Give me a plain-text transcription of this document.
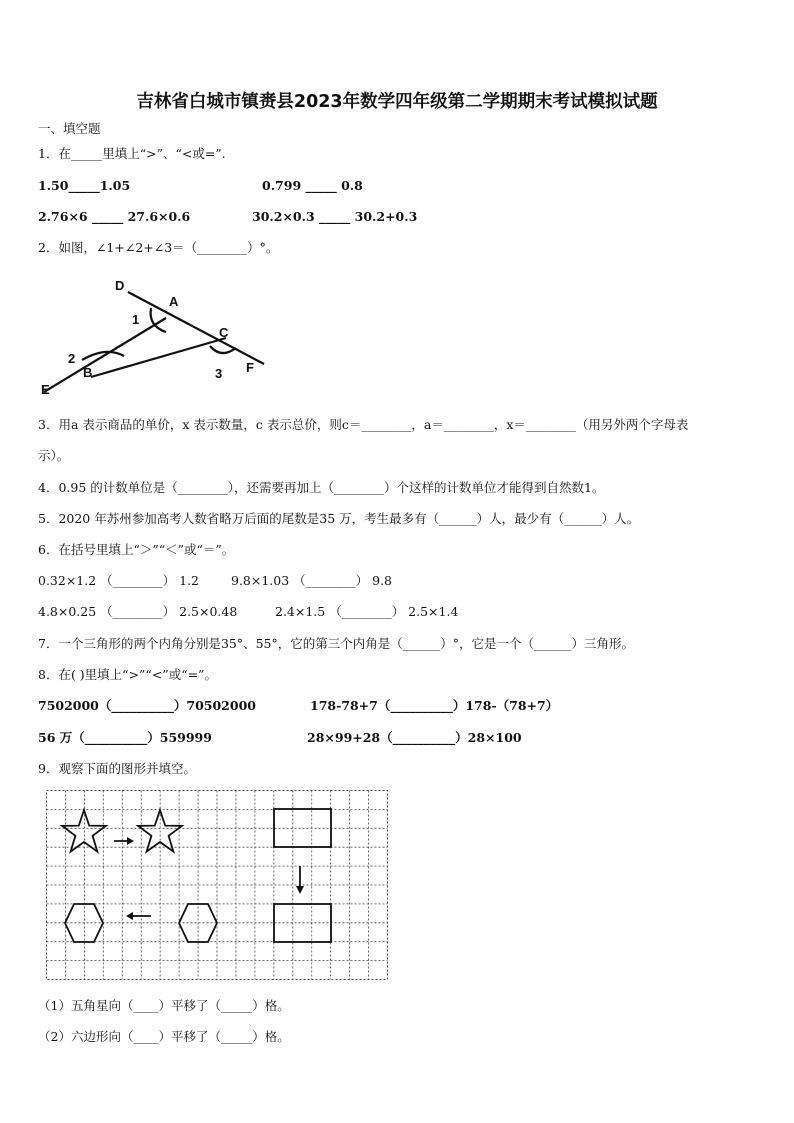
吉林省白城市镇赉县2023年数学四年级第二学期期末考试模拟试题
一、填空题
1．在_____里填上“>”、“<或=”.
1.50_____1.05	0.799 _____ 0.8
2.76×6 _____ 27.6×0.6	30.2×0.3 _____ 30.2+0.3
2．如图，∠1+∠2+∠3＝（________）°。
D
A
C
B
E
F
1
2
3
3．用a 表示商品的单价，x 表示数量，c 表示总价，则c＝________，a＝________，x＝________（用另外两个字母表
示）。
4．0.95 的计数单位是（________），还需要再加上（________）个这样的计数单位才能得到自然数1。
5．2020 年苏州参加高考人数省略万后面的尾数是35 万，考生最多有（______）人，最少有（______）人。
6．在括号里填上“＞”“＜”或“＝”。
0.32×1.2 （________） 1.2	9.8×1.03 （________） 9.8
4.8×0.25 （________） 2.5×0.48	2.4×1.5 （________） 2.5×1.4
7．一个三角形的两个内角分别是35°、55°，它的第三个内角是（______）°，它是一个（______）三角形。
8．在( )里填上“>”“<”或“=”。
7502000（__________）70502000	178-78+7（__________）178-（78+7）
56 万（__________）559999	28×99+28（__________）28×100
9．观察下面的图形并填空。
（1）五角星向（____）平移了（_____）格。
（2）六边形向（____）平移了（_____）格。
